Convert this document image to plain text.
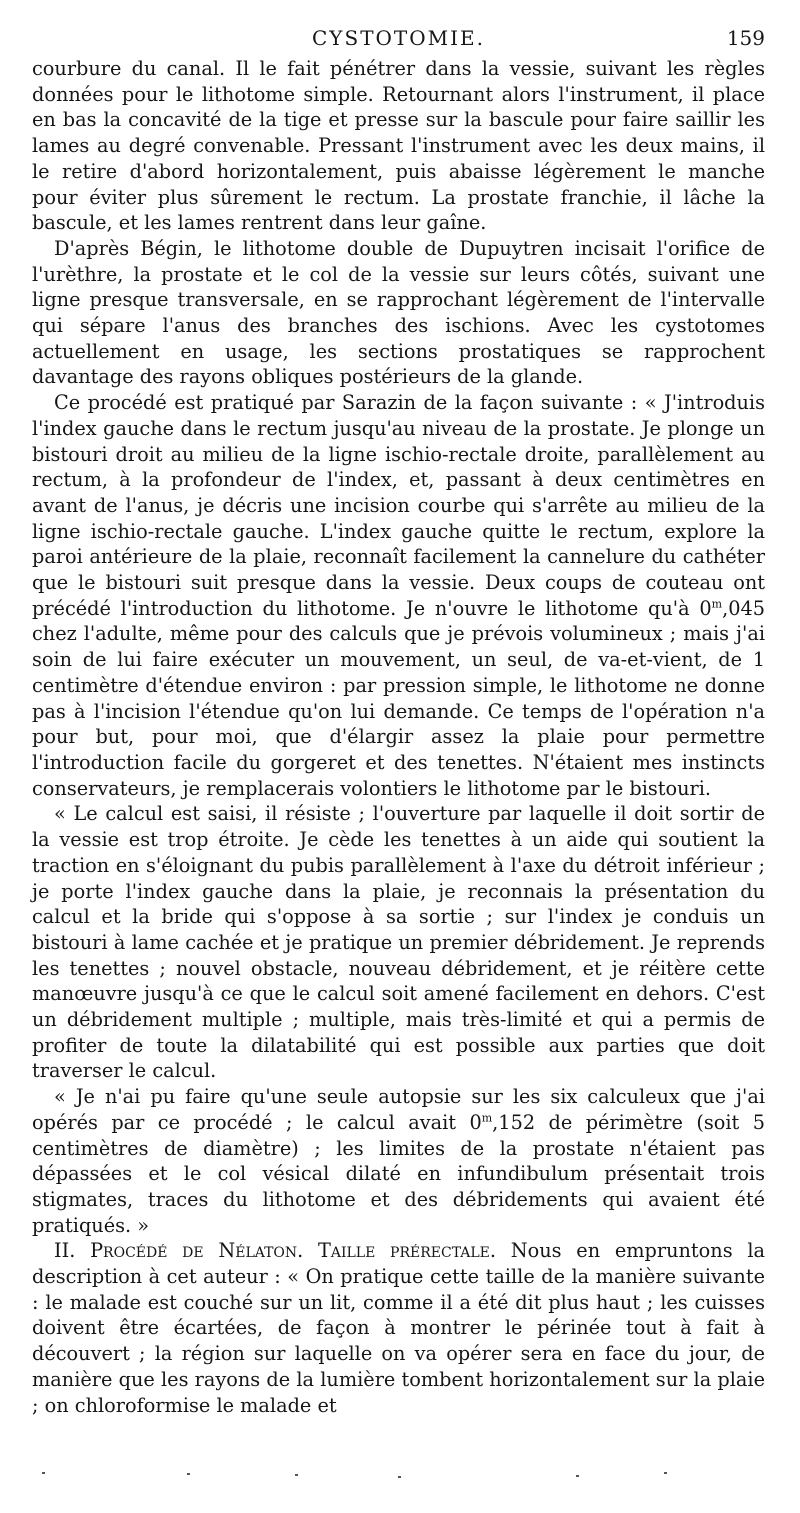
CYSTOTOMIE.	159

courbure du canal. Il le fait pénétrer dans la vessie, suivant les règles données pour le lithotome simple. Retournant alors l'instrument, il place en bas la concavité de la tige et presse sur la bascule pour faire saillir les lames au degré convenable. Pressant l'instrument avec les deux mains, il le retire d'abord horizontalement, puis abaisse légèrement le manche pour éviter plus sûrement le rectum. La prostate franchie, il lâche la bascule, et les lames rentrent dans leur gaîne.

D'après Bégin, le lithotome double de Dupuytren incisait l'orifice de l'urèthre, la prostate et le col de la vessie sur leurs côtés, suivant une ligne presque transversale, en se rapprochant légèrement de l'intervalle qui sépare l'anus des branches des ischions. Avec les cystotomes actuellement en usage, les sections prostatiques se rapprochent davantage des rayons obliques postérieurs de la glande.

Ce procédé est pratiqué par Sarazin de la façon suivante : « J'introduis l'index gauche dans le rectum jusqu'au niveau de la prostate. Je plonge un bistouri droit au milieu de la ligne ischio-rectale droite, parallèlement au rectum, à la profondeur de l'index, et, passant à deux centimètres en avant de l'anus, je décris une incision courbe qui s'arrête au milieu de la ligne ischio-rectale gauche. L'index gauche quitte le rectum, explore la paroi antérieure de la plaie, reconnaît facilement la cannelure du cathéter que le bistouri suit presque dans la vessie. Deux coups de couteau ont précédé l'introduction du lithotome. Je n'ouvre le lithotome qu'à 0$^m$,045 chez l'adulte, même pour des calculs que je prévois volumineux ; mais j'ai soin de lui faire exécuter un mouvement, un seul, de va-et-vient, de 1 centimètre d'étendue environ : par pression simple, le lithotome ne donne pas à l'incision l'étendue qu'on lui demande. Ce temps de l'opération n'a pour but, pour moi, que d'élargir assez la plaie pour permettre l'introduction facile du gorgeret et des tenettes. N'étaient mes instincts conservateurs, je remplacerais volontiers le lithotome par le bistouri.

« Le calcul est saisi, il résiste ; l'ouverture par laquelle il doit sortir de la vessie est trop étroite. Je cède les tenettes à un aide qui soutient la traction en s'éloignant du pubis parallèlement à l'axe du détroit inférieur ; je porte l'index gauche dans la plaie, je reconnais la présentation du calcul et la bride qui s'oppose à sa sortie ; sur l'index je conduis un bistouri à lame cachée et je pratique un premier débridement. Je reprends les tenettes ; nouvel obstacle, nouveau débridement, et je réitère cette manœuvre jusqu'à ce que le calcul soit amené facilement en dehors. C'est un débridement multiple ; multiple, mais très-limité et qui a permis de profiter de toute la dilatabilité qui est possible aux parties que doit traverser le calcul.

« Je n'ai pu faire qu'une seule autopsie sur les six calculeux que j'ai opérés par ce procédé ; le calcul avait 0$^m$,152 de périmètre (soit 5 centimètres de diamètre) ; les limites de la prostate n'étaient pas dépassées et le col vésical dilaté en infundibulum présentait trois stigmates, traces du lithotome et des débridements qui avaient été pratiqués. »

II. Procédé de Nélaton. Taille prérectale. Nous en empruntons la description à cet auteur : « On pratique cette taille de la manière suivante : le malade est couché sur un lit, comme il a été dit plus haut ; les cuisses doivent être écartées, de façon à montrer le périnée tout à fait à découvert ; la région sur laquelle on va opérer sera en face du jour, de manière que les rayons de la lumière tombent horizontalement sur la plaie ; on chloroformise le malade et
